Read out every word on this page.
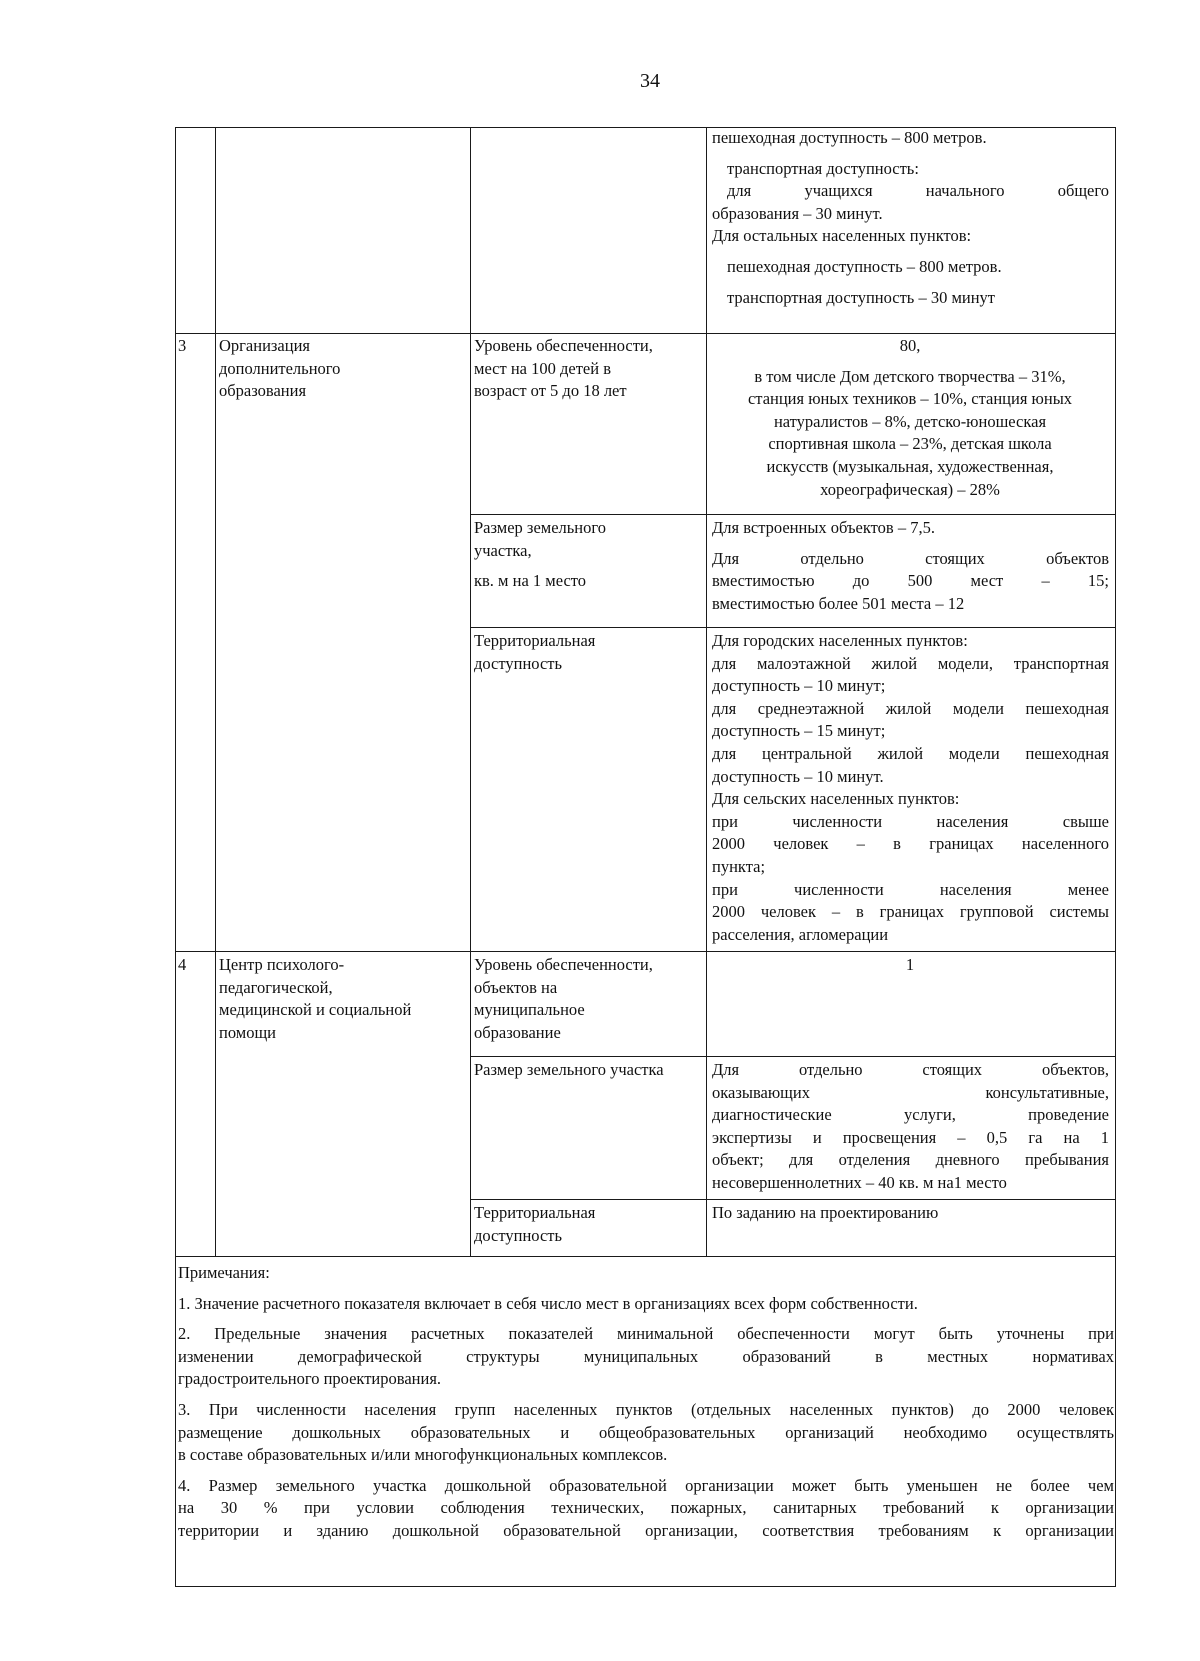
34

пешеходная доступность – 800 метров.

транспортная доступность:

для учащихся начального общего

образования – 30 минут.

Для остальных населенных пунктов:

пешеходная доступность – 800 метров.

транспортная доступность – 30 минут

3 Организация
дополнительного
образования
Уровень обеспеченности,
мест на 100 детей в
возраст от 5 до 18 лет

80,

в том числе Дом детского творчества – 31%,
станция юных техников – 10%, станция юных
натуралистов – 8%, детско-юношеская
спортивная школа – 23%, детская школа
искусств (музыкальная, художественная,
хореографическая) – 28%

Размер земельного
участка,

кв. м на 1 место

Для встроенных объектов – 7,5.

Для отдельно стоящих объектов

вместимостью до 500 мест – 15;

вместимостью более 501 места – 12

Территориальная
доступность

Для городских населенных пунктов:

для малоэтажной жилой модели, транспортная

доступность – 10 минут;

для среднеэтажной жилой модели пешеходная

доступность – 15 минут;

для центральной жилой модели пешеходная

доступность – 10 минут.

Для сельских населенных пунктов:

при численности населения свыше

2000 человек – в границах населенного

пункта;

при численности населения менее

2000 человек – в границах групповой системы

расселения, агломерации

4 Центр психолого-
педагогической,
медицинской и социальной
помощи
Уровень обеспеченности,
объектов на
муниципальное
образование
1
Размер земельного участка	Для отдельно стоящих объектов,

оказывающих консультативные,

диагностические услуги, проведение

экспертизы и просвещения – 0,5 га на 1

объект; для отделения дневного пребывания

несовершеннолетних – 40 кв. м на1 место

Территориальная
доступность
По заданию на проектированию

Примечания:

1. Значение расчетного показателя включает в себя число мест в организациях всех форм собственности.

2. Предельные значения расчетных показателей минимальной обеспеченности могут быть уточнены при
изменении демографической структуры муниципальных образований в местных нормативах
градостроительного проектирования.
3. При численности населения групп населенных пунктов (отдельных населенных пунктов) до 2000 человек
размещение дошкольных образовательных и общеобразовательных организаций необходимо осуществлять
в составе образовательных и/или многофункциональных комплексов.
4. Размер земельного участка дошкольной образовательной организации может быть уменьшен не более чем
на 30 % при условии соблюдения технических, пожарных, санитарных требований к организации
территории и зданию дошкольной образовательной организации, соответствия требованиям к организации
